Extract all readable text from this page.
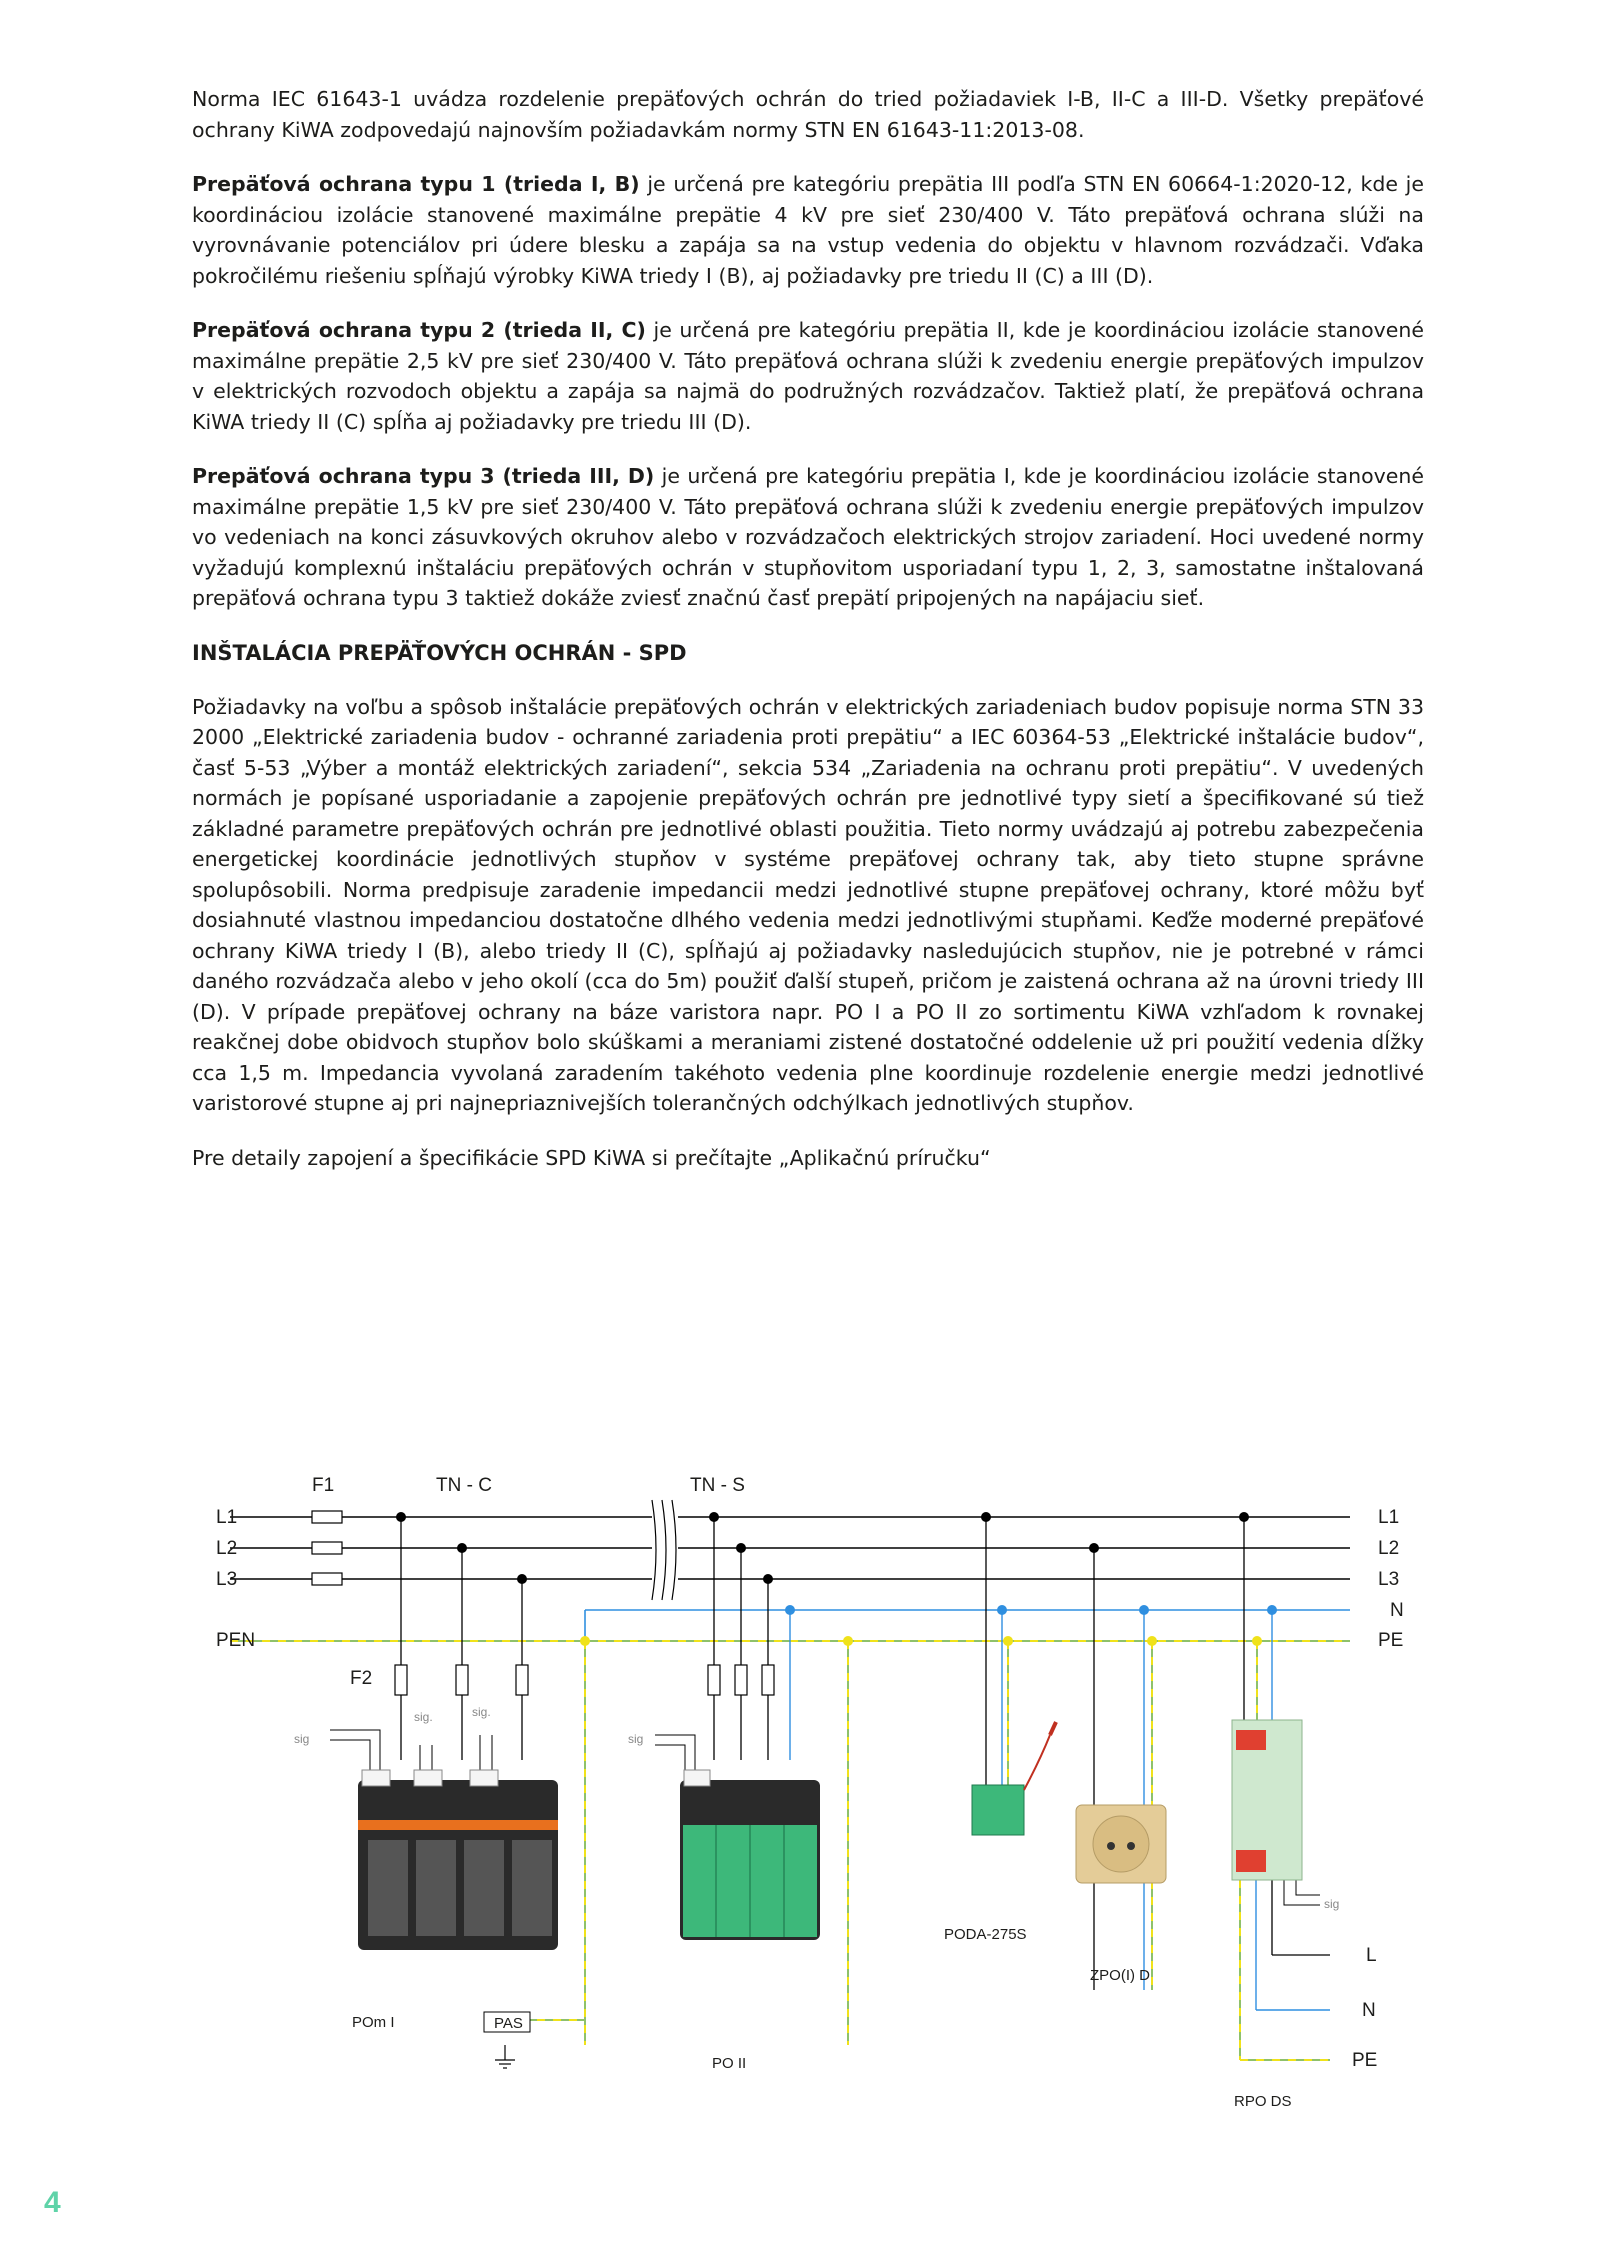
Norma IEC 61643-1 uvádza rozdelenie prepäťových ochrán do tried požiadaviek I-B, II-C a III-D. Všetky prepäťové ochrany KiWA zodpovedajú najnovším požiadavkám normy STN EN 61643-11:2013-08.

Prepäťová ochrana typu 1 (trieda I, B) je určená pre kategóriu prepätia III podľa STN EN 60664-1:2020-12, kde je koordináciou izolácie stanovené maximálne prepätie 4 kV pre sieť 230/400 V. Táto prepäťová ochrana slúži na vyrovnávanie potenciálov pri údere blesku a zapája sa na vstup vedenia do objektu v hlavnom rozvádzači. Vďaka pokročilému riešeniu spĺňajú výrobky KiWA triedy I (B), aj požiadavky pre triedu II (C) a III (D).

Prepäťová ochrana typu 2 (trieda II, C) je určená pre kategóriu prepätia II, kde je koordináciou izolácie stanovené maximálne prepätie 2,5 kV pre sieť 230/400 V. Táto prepäťová ochrana slúži k zvedeniu energie prepäťových impulzov v elektrických rozvodoch objektu a zapája sa najmä do podružných rozvádzačov. Taktiež platí, že prepäťová ochrana KiWA triedy II (C) spĺňa aj požiadavky pre triedu III (D).

Prepäťová ochrana typu 3 (trieda III, D) je určená pre kategóriu prepätia I, kde je koordináciou izolácie stanovené maximálne prepätie 1,5 kV pre sieť 230/400 V. Táto prepäťová ochrana slúži k zvedeniu energie prepäťových impulzov vo vedeniach na konci zásuvkových okruhov alebo v rozvádzačoch elektrických strojov zariadení. Hoci uvedené normy vyžadujú komplexnú inštaláciu prepäťových ochrán v stupňovitom usporiadaní typu 1, 2, 3, samostatne inštalovaná prepäťová ochrana typu 3 taktiež dokáže zviesť značnú časť prepätí pripojených na napájaciu sieť.

INŠTALÁCIA PREPÄŤOVÝCH OCHRÁN - SPD

Požiadavky na voľbu a spôsob inštalácie prepäťových ochrán v elektrických zariadeniach budov popisuje norma STN 33 2000 „Elektrické zariadenia budov - ochranné zariadenia proti prepätiu“ a IEC 60364-53 „Elektrické inštalácie budov“, časť 5-53 „Výber a montáž elektrických zariadení“, sekcia 534 „Zariadenia na ochranu proti prepätiu“. V uvedených normách je popísané usporiadanie a zapojenie prepäťových ochrán pre jednotlivé typy sietí a špecifikované sú tiež základné parametre prepäťových ochrán pre jednotlivé oblasti použitia. Tieto normy uvádzajú aj potrebu zabezpečenia energetickej koordinácie jednotlivých stupňov v systéme prepäťovej ochrany tak, aby tieto stupne správne spolupôsobili. Norma predpisuje zaradenie impedancii medzi jednotlivé stupne prepäťovej ochrany, ktoré môžu byť dosiahnuté vlastnou impedanciou dostatočne dlhého vedenia medzi jednotlivými stupňami. Keďže moderné prepäťové ochrany KiWA triedy I (B), alebo triedy II (C), spĺňajú aj požiadavky nasledujúcich stupňov, nie je potrebné v rámci daného rozvádzača alebo v jeho okolí (cca do 5m) použiť ďalší stupeň, pričom je zaistená ochrana až na úrovni triedy III (D). V prípade prepäťovej ochrany na báze varistora napr. PO I a PO II zo sortimentu KiWA vzhľadom k rovnakej reakčnej dobe obidvoch stupňov bolo skúškami a meraniami zistené dostatočné oddelenie už pri použití vedenia dĺžky cca 1,5 m. Impedancia vyvolaná zaradením takéhoto vedenia plne koordinuje rozdelenie energie medzi jednotlivé varistorové stupne aj pri najnepriaznivejších tolerančných odchýlkach jednotlivých stupňov.

Pre detaily zapojení a špecifikácie SPD KiWA si prečítajte „Aplikačnú príručku“

F1	TN - C	TN - S
L1
L2
L3
PEN
F2
L1
L2
L3
N
PE
L
N
PE
POm I	PAS
PO II
PODA-275S
ZPO(I) D
RPO DS
sig
sig.	sig.
sig
sig
4
